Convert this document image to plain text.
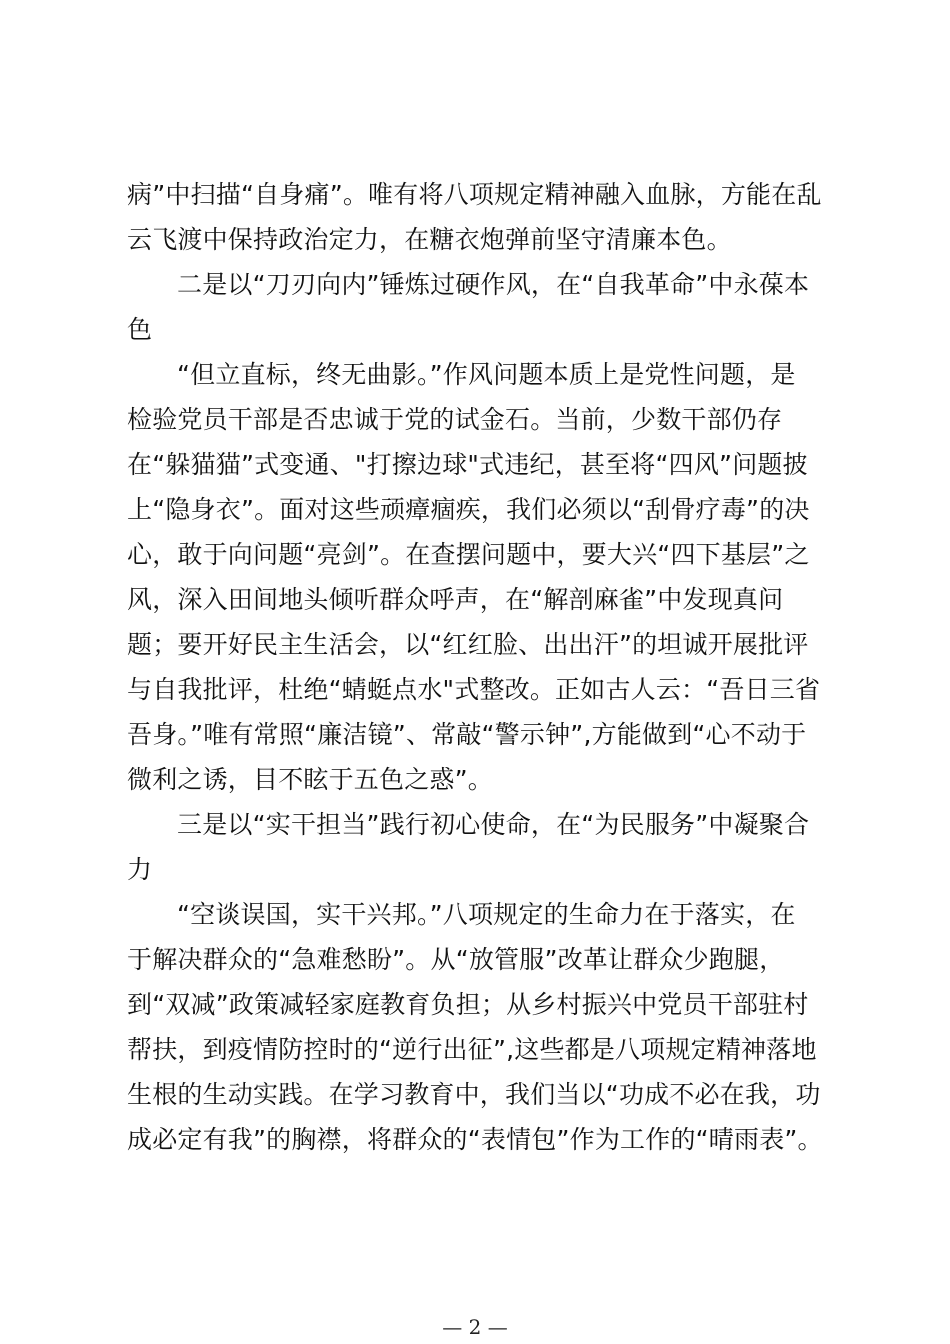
病”中扫描“自身痛”。唯有将八项规定精神融入血脉，方能在乱
云飞渡中保持政治定力，在糖衣炮弹前坚守清廉本色。
二是以“刀刃向内”锤炼过硬作风，在“自我革命”中永葆本
色
“但立直标，终无曲影。”作风问题本质上是党性问题，是
检验党员干部是否忠诚于党的试金石。当前，少数干部仍存
在“躲猫猫”式变通、"打擦边球"式违纪，甚至将“四风”问题披
上“隐身衣”。面对这些顽瘴痼疾，我们必须以“刮骨疗毒”的决
心，敢于向问题“亮剑”。在查摆问题中，要大兴“四下基层”之
风，深入田间地头倾听群众呼声，在“解剖麻雀”中发现真问
题；要开好民主生活会，以“红红脸、出出汗”的坦诚开展批评
与自我批评，杜绝“蜻蜓点水"式整改。正如古人云：“吾日三省
吾身。”唯有常照“廉洁镜”、常敲“警示钟”,方能做到“心不动于
微利之诱，目不眩于五色之惑”。
三是以“实干担当”践行初心使命，在“为民服务”中凝聚合
力
“空谈误国，实干兴邦。”八项规定的生命力在于落实，在
于解决群众的“急难愁盼”。从“放管服”改革让群众少跑腿，
到“双减”政策减轻家庭教育负担；从乡村振兴中党员干部驻村
帮扶，到疫情防控时的“逆行出征”,这些都是八项规定精神落地
生根的生动实践。在学习教育中，我们当以“功成不必在我，功
成必定有我”的胸襟，将群众的“表情包”作为工作的“晴雨表”。
— 2 —
